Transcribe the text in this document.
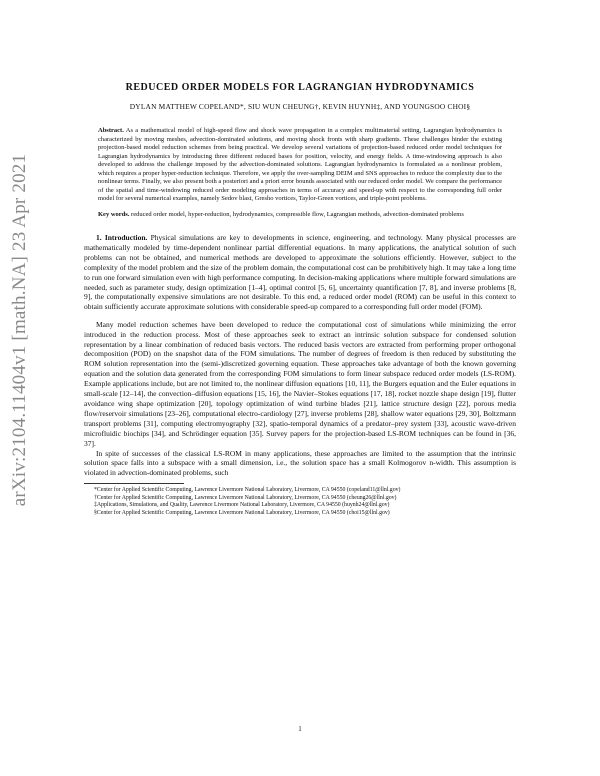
arXiv:2104.11404v1 [math.NA] 23 Apr 2021
REDUCED ORDER MODELS FOR LAGRANGIAN HYDRODYNAMICS
DYLAN MATTHEW COPELAND*, SIU WUN CHEUNG†, KEVIN HUYNH‡, AND YOUNGSOO CHOI§
Abstract. As a mathematical model of high-speed flow and shock wave propagation in a complex multimaterial setting, Lagrangian hydrodynamics is characterized by moving meshes, advection-dominated solutions, and moving shock fronts with sharp gradients. These challenges hinder the existing projection-based model reduction schemes from being practical. We develop several variations of projection-based reduced order model techniques for Lagrangian hydrodynamics by introducing three different reduced bases for position, velocity, and energy fields. A time-windowing approach is also developed to address the challenge imposed by the advection-dominated solutions. Lagrangian hydrodynamics is formulated as a nonlinear problem, which requires a proper hyper-reduction technique. Therefore, we apply the over-sampling DEIM and SNS approaches to reduce the complexity due to the nonlinear terms. Finally, we also present both a posteriori and a priori error bounds associated with our reduced order model. We compare the performance of the spatial and time-windowing reduced order modeling approaches in terms of accuracy and speed-up with respect to the corresponding full order model for several numerical examples, namely Sedov blast, Gresho vortices, Taylor-Green vortices, and triple-point problems.
Key words. reduced order model, hyper-reduction, hydrodynamics, compressible flow, Lagrangian methods, advection-dominated problems

1. Introduction. Physical simulations are key to developments in science, engineering, and technology. Many physical processes are mathematically modeled by time-dependent nonlinear partial differential equations. In many applications, the analytical solution of such problems can not be obtained, and numerical methods are developed to approximate the solutions efficiently. However, subject to the complexity of the model problem and the size of the problem domain, the computational cost can be prohibitively high. It may take a long time to run one forward simulation even with high performance computing. In decision-making applications where multiple forward simulations are needed, such as parameter study, design optimization [1–4], optimal control [5, 6], uncertainty quantification [7, 8], and inverse problems [8, 9], the computationally expensive simulations are not desirable. To this end, a reduced order model (ROM) can be useful in this context to obtain sufficiently accurate approximate solutions with considerable speed-up compared to a corresponding full order model (FOM).

Many model reduction schemes have been developed to reduce the computational cost of simulations while minimizing the error introduced in the reduction process. Most of these approaches seek to extract an intrinsic solution subspace for condensed solution representation by a linear combination of reduced basis vectors. The reduced basis vectors are extracted from performing proper orthogonal decomposition (POD) on the snapshot data of the FOM simulations. The number of degrees of freedom is then reduced by substituting the ROM solution representation into the (semi-)discretized governing equation. These approaches take advantage of both the known governing equation and the solution data generated from the corresponding FOM simulations to form linear subspace reduced order models (LS-ROM). Example applications include, but are not limited to, the nonlinear diffusion equations [10, 11], the Burgers equation and the Euler equations in small-scale [12–14], the convection–diffusion equations [15, 16], the Navier–Stokes equations [17, 18], rocket nozzle shape design [19], flutter avoidance wing shape optimization [20], topology optimization of wind turbine blades [21], lattice structure design [22], porous media flow/reservoir simulations [23–26], computational electro-cardiology [27], inverse problems [28], shallow water equations [29, 30], Boltzmann transport problems [31], computing electromyography [32], spatio-temporal dynamics of a predator–prey system [33], acoustic wave-driven microfluidic biochips [34], and Schrödinger equation [35]. Survey papers for the projection-based LS-ROM techniques can be found in [36, 37].

In spite of successes of the classical LS-ROM in many applications, these approaches are limited to the assumption that the intrinsic solution space falls into a subspace with a small dimension, i.e., the solution space has a small Kolmogorov n-width. This assumption is violated in advection-dominated problems, such

*Center for Applied Scientific Computing, Lawrence Livermore National Laboratory, Livermore, CA 94550 (copeland11@llnl.gov)
†Center for Applied Scientific Computing, Lawrence Livermore National Laboratory, Livermore, CA 94550 (cheung26@llnl.gov)
‡Applications, Simulations, and Quality, Lawrence Livermore National Laboratory, Livermore, CA 94550 (huynh24@llnl.gov)
§Center for Applied Scientific Computing, Lawrence Livermore National Laboratory, Livermore, CA 94550 (choi15@llnl.gov)
1
